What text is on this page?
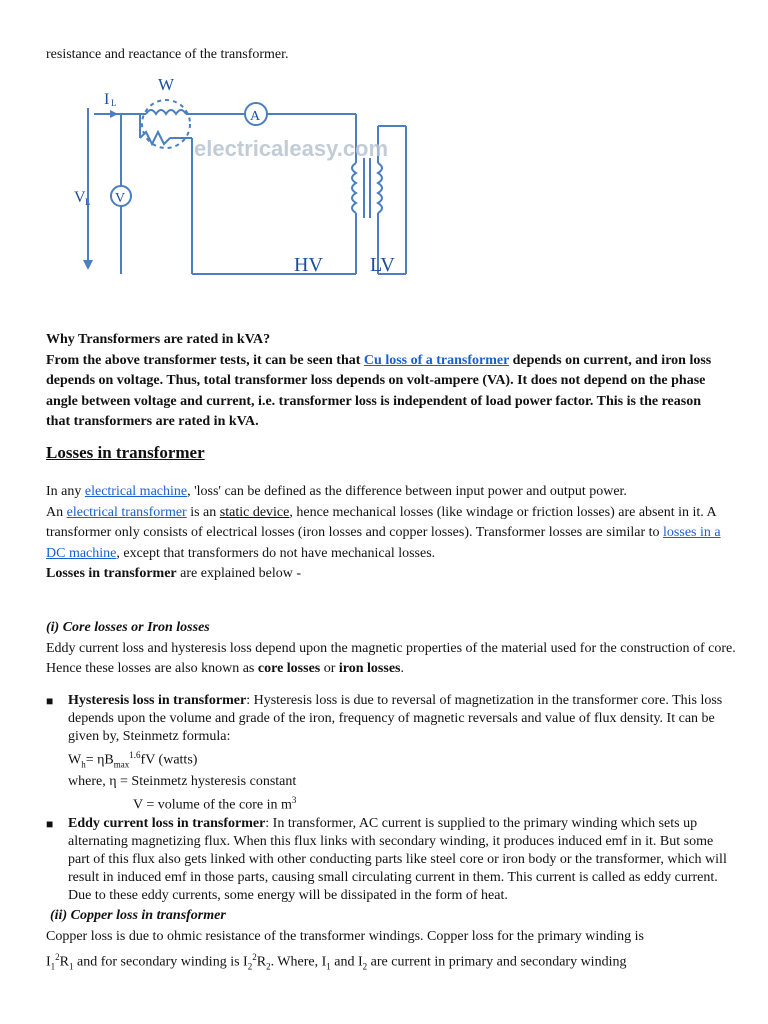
resistance and reactance of the transformer.
W
I L
V L
A
V
HV LV
electricaleasy.com
Why Transformers are rated in kVA?
From the above transformer tests, it can be seen that Cu loss of a transformer depends on current, and iron loss depends on voltage. Thus, total transformer loss depends on volt-ampere (VA). It does not depend on the phase angle between voltage and current, i.e. transformer loss is independent of load power factor. This is the reason that transformers are rated in kVA.
Losses in transformer
In any electrical machine, 'loss' can be defined as the difference between input power and output power.
An electrical transformer is an static device, hence mechanical losses (like windage or friction losses) are absent in it. A transformer only consists of electrical losses (iron losses and copper losses). Transformer losses are similar to losses in a DC machine, except that transformers do not have mechanical losses.
Losses in transformer are explained below -
(i) Core losses or Iron losses
Eddy current loss and hysteresis loss depend upon the magnetic properties of the material used for the construction of core. Hence these losses are also known as core losses or iron losses.
■ Hysteresis loss in transformer: Hysteresis loss is due to reversal of magnetization in the transformer core. This loss depends upon the volume and grade of the iron, frequency of magnetic reversals and value of flux density. It can be given by, Steinmetz formula:
$W_h= \eta B_{max}^{1.6}fV$ (watts)
where, η = Steinmetz hysteresis constant
V = volume of the core in $m^3$
■ Eddy current loss in transformer: In transformer, AC current is supplied to the primary winding which sets up alternating magnetizing flux. When this flux links with secondary winding, it produces induced emf in it. But some part of this flux also gets linked with other conducting parts like steel core or iron body or the transformer, which will result in induced emf in those parts, causing small circulating current in them. This current is called as eddy current. Due to these eddy currents, some energy will be dissipated in the form of heat.
(ii) Copper loss in transformer
Copper loss is due to ohmic resistance of the transformer windings. Copper loss for the primary winding is
$I_1^2R_1$ and for secondary winding is $I_2^2R_2$. Where, $I_1$ and $I_2$ are current in primary and secondary winding
